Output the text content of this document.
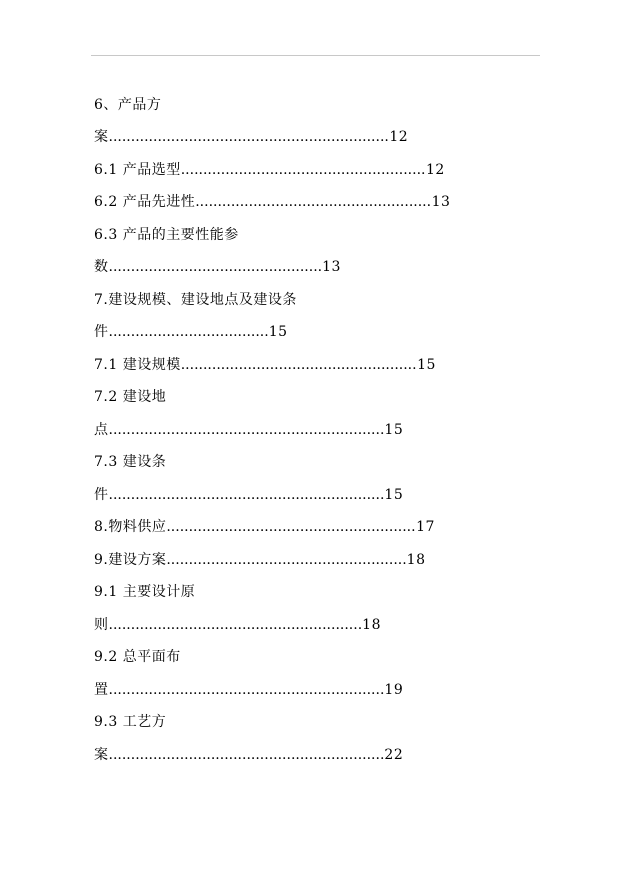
6、产品方
案...............................................................12
6.1 产品选型.......................................................12
6.2 产品先进性.....................................................13
6.3 产品的主要性能参
数................................................13
7.建设规模、建设地点及建设条
件....................................15
7.1 建设规模.....................................................15
7.2 建设地
点..............................................................15
7.3 建设条
件..............................................................15
8.物料供应........................................................17
9.建设方案......................................................18
9.1 主要设计原
则.........................................................18
9.2 总平面布
置..............................................................19
9.3 工艺方
案..............................................................22
